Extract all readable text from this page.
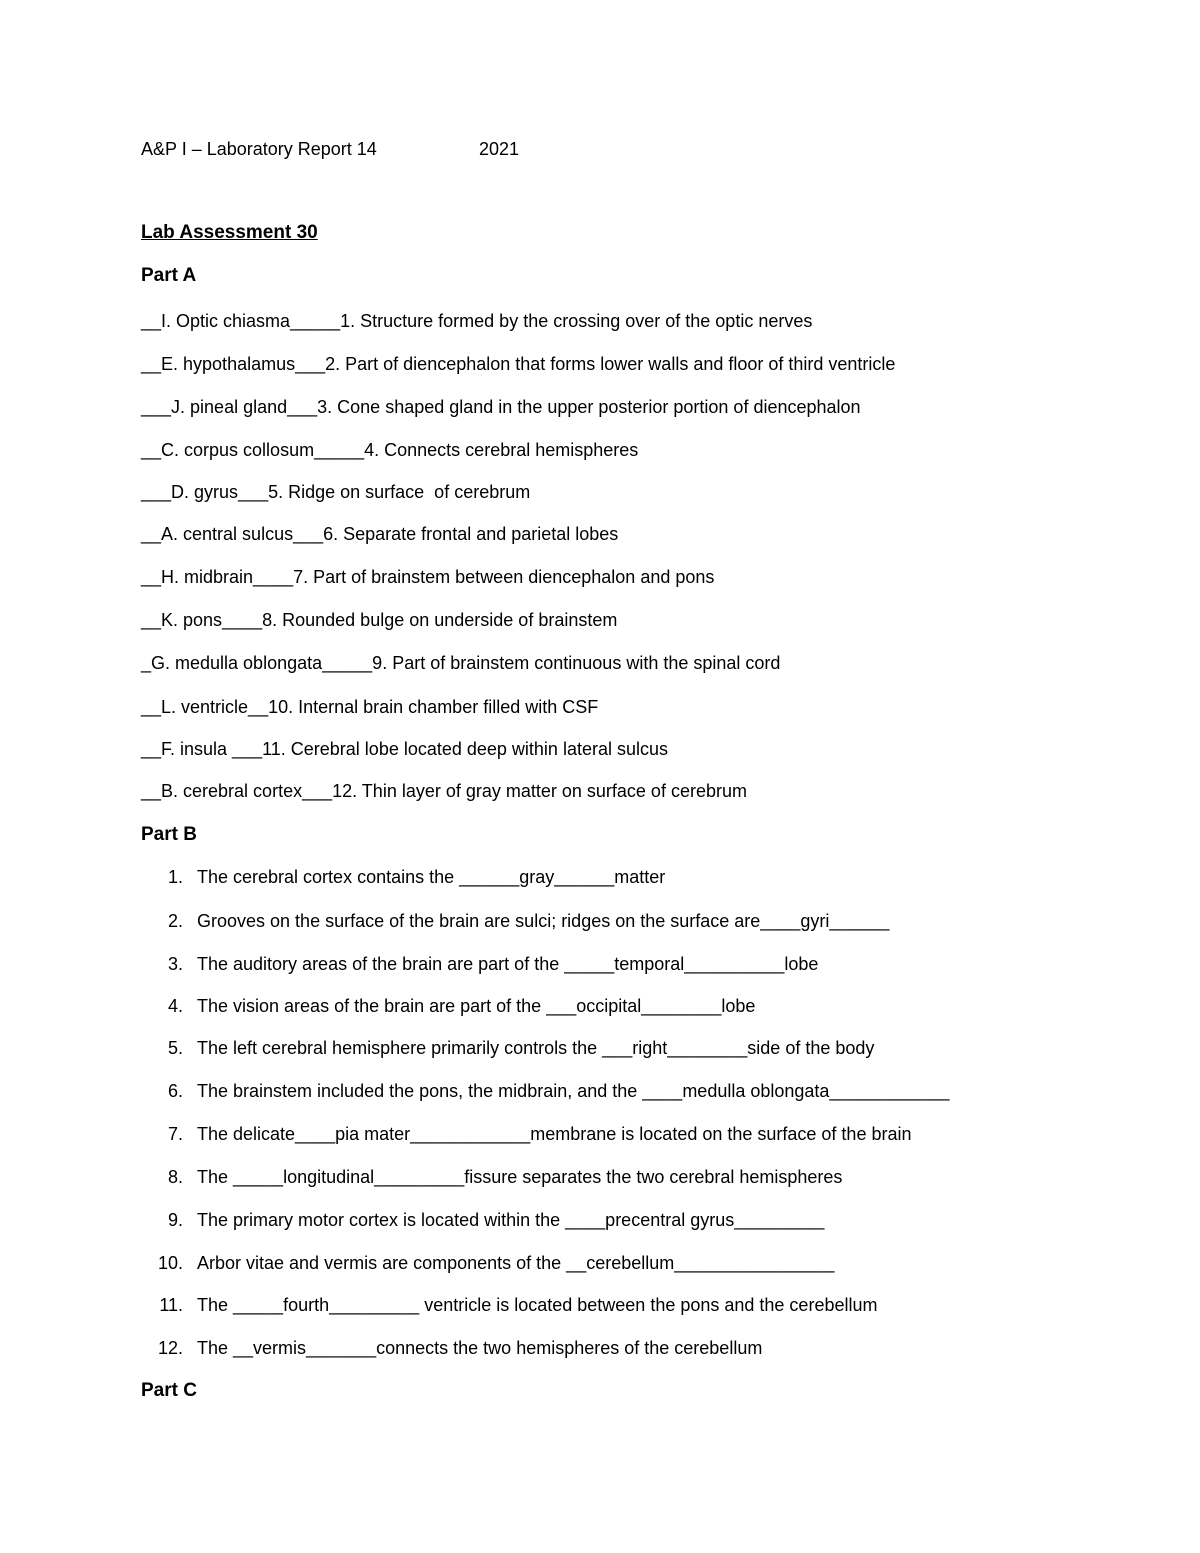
A&P I – Laboratory Report 14	2021
Lab Assessment 30
Part A
__I. Optic chiasma_____1. Structure formed by the crossing over of the optic nerves
__E. hypothalamus___2. Part of diencephalon that forms lower walls and floor of third ventricle
___J. pineal gland___3. Cone shaped gland in the upper posterior portion of diencephalon
__C. corpus collosum_____4. Connects cerebral hemispheres
___D. gyrus___5. Ridge on surface  of cerebrum
__A. central sulcus___6. Separate frontal and parietal lobes
__H. midbrain____7. Part of brainstem between diencephalon and pons
__K. pons____8. Rounded bulge on underside of brainstem
_G. medulla oblongata_____9. Part of brainstem continuous with the spinal cord
__L. ventricle__10. Internal brain chamber filled with CSF
__F. insula ___11. Cerebral lobe located deep within lateral sulcus
__B. cerebral cortex___12. Thin layer of gray matter on surface of cerebrum
Part B
1. The cerebral cortex contains the ______gray______matter
2. Grooves on the surface of the brain are sulci; ridges on the surface are____gyri______
3. The auditory areas of the brain are part of the _____temporal__________lobe
4. The vision areas of the brain are part of the ___occipital________lobe
5. The left cerebral hemisphere primarily controls the ___right________side of the body
6. The brainstem included the pons, the midbrain, and the ____medulla oblongata____________
7. The delicate____pia mater____________membrane is located on the surface of the brain
8. The _____longitudinal_________fissure separates the two cerebral hemispheres
9. The primary motor cortex is located within the ____precentral gyrus_________
10. Arbor vitae and vermis are components of the __cerebellum________________
11. The _____fourth_________ ventricle is located between the pons and the cerebellum
12. The __vermis_______connects the two hemispheres of the cerebellum
Part C
